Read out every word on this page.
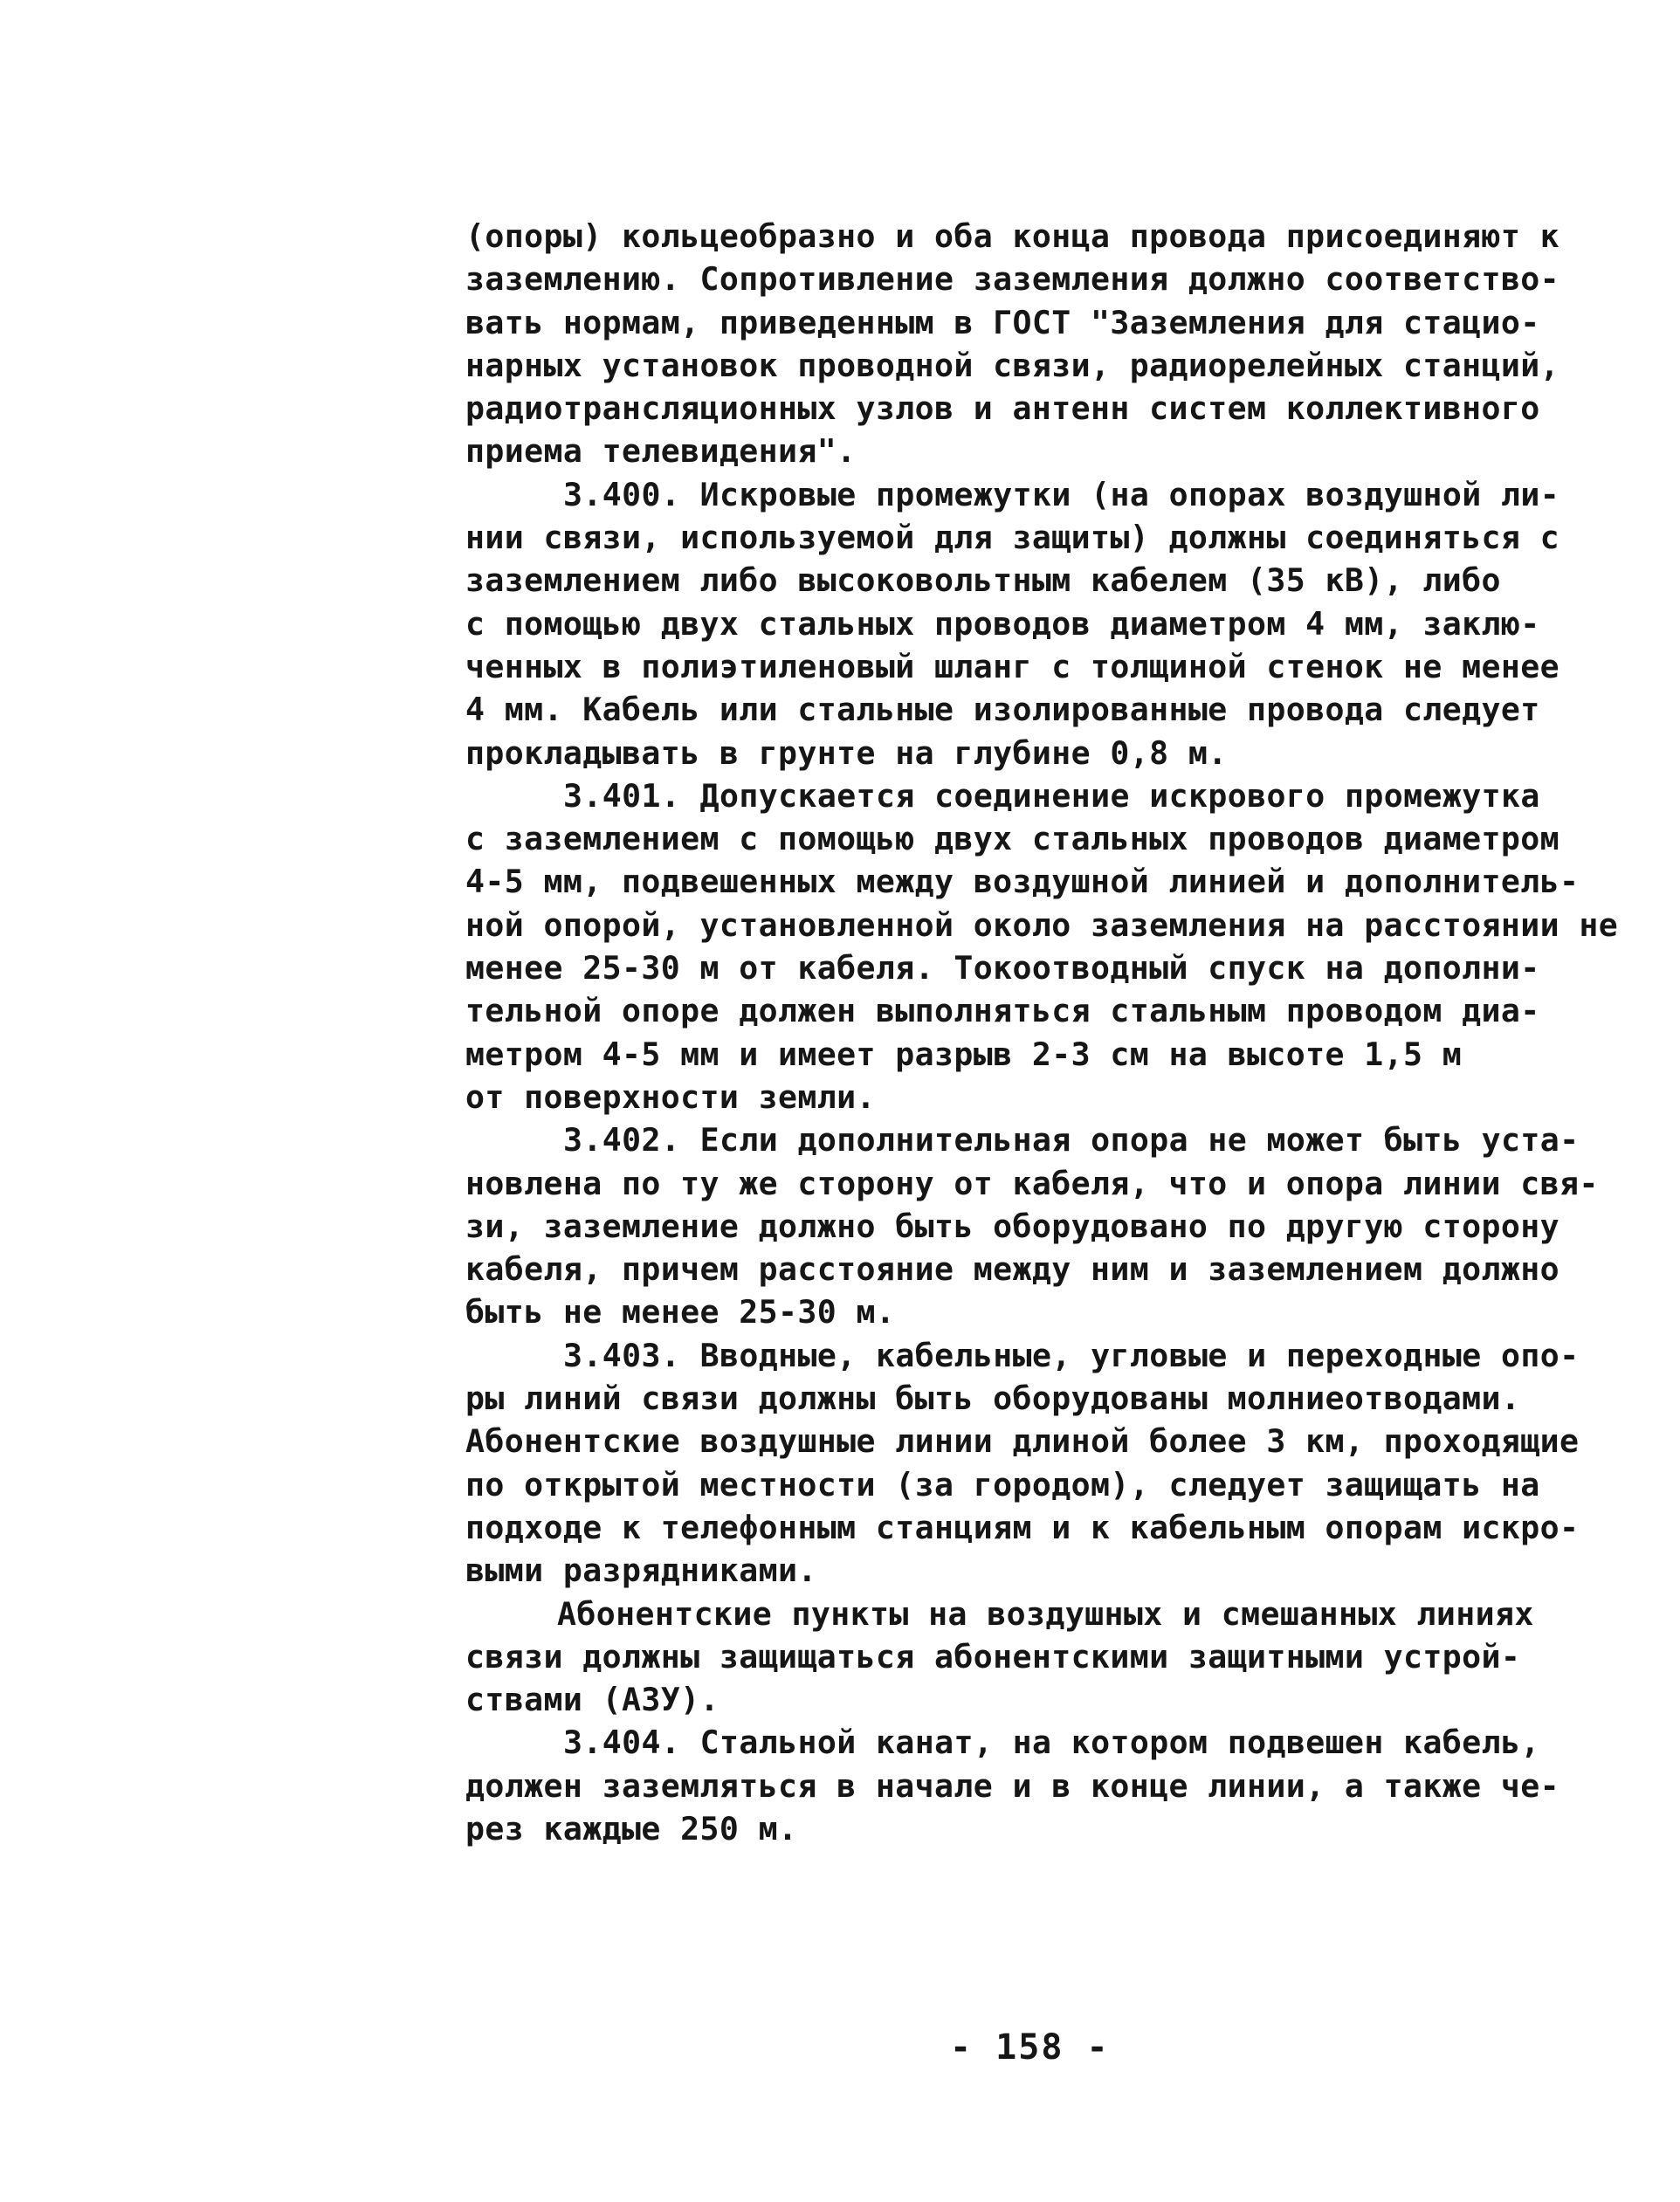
(опоры) кольцеобразно и оба конца провода присоединяют к
заземлению. Сопротивление заземления должно соответство-
вать нормам, приведенным в ГОСТ "Заземления для стацио-
нарных установок проводной связи, радиорелейных станций,
радиотрансляционных узлов и антенн систем коллективного
приема телевидения".
3.400. Искровые промежутки (на опорах воздушной ли-
нии связи, используемой для защиты) должны соединяться с
заземлением либо высоковольтным кабелем (35 кВ), либо
с помощью двух стальных проводов диаметром 4 мм, заклю-
ченных в полиэтиленовый шланг с толщиной стенок не менее
4 мм. Кабель или стальные изолированные провода следует
прокладывать в грунте на глубине 0,8 м.
3.401. Допускается соединение искрового промежутка
с заземлением с помощью двух стальных проводов диаметром
4-5 мм, подвешенных между воздушной линией и дополнитель-
ной опорой, установленной около заземления на расстоянии не
менее 25-30 м от кабеля. Токоотводный спуск на дополни-
тельной опоре должен выполняться стальным проводом диа-
метром 4-5 мм и имеет разрыв 2-3 см на высоте 1,5 м
от поверхности земли.
3.402. Если дополнительная опора не может быть уста-
новлена по ту же сторону от кабеля, что и опора линии свя-
зи, заземление должно быть оборудовано по другую сторону
кабеля, причем расстояние между ним и заземлением должно
быть не менее 25-30 м.
3.403. Вводные, кабельные, угловые и переходные опо-
ры линий связи должны быть оборудованы молниеотводами.
Абонентские воздушные линии длиной более 3 км, проходящие
по открытой местности (за городом), следует защищать на
подходе к телефонным станциям и к кабельным опорам искро-
выми разрядниками.
Абонентские пункты на воздушных и смешанных линиях
связи должны защищаться абонентскими защитными устрой-
ствами (АЗУ).
3.404. Стальной канат, на котором подвешен кабель,
должен заземляться в начале и в конце линии, а также че-
рез каждые 250 м.
- 158 -
